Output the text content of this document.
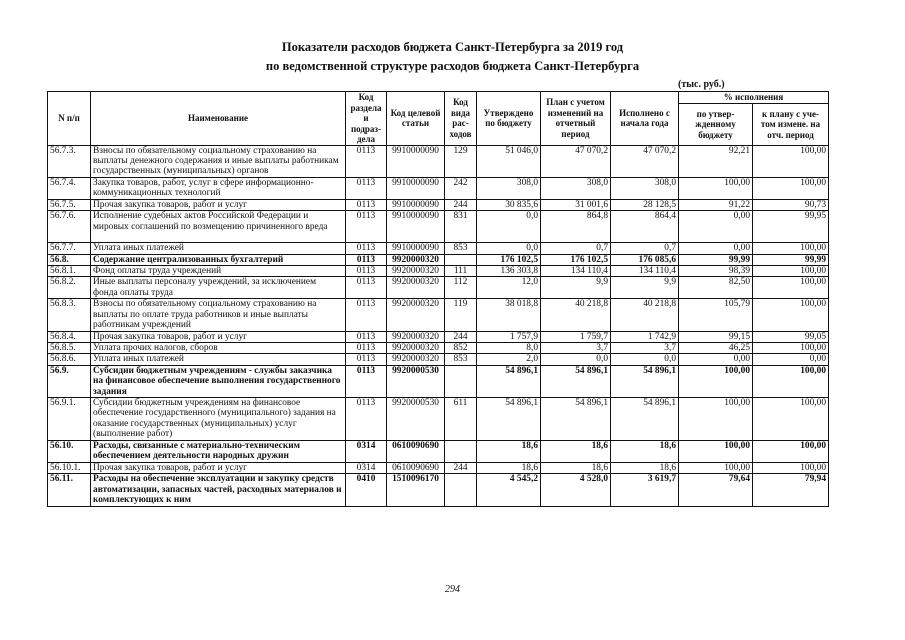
Показатели расходов бюджета Санкт-Петербурга за 2019 год
по ведомственной структуре расходов бюджета Санкт-Петербурга
(тыс. руб.)
N п/п	Наименование	Код раздела и подраз-дела	Код целевой статьи	Код вида рас-ходов	Утверждено по бюджету	План с учетом изменений на отчетный период	Исполнено с начала года	% исполнения	
								по утвер-жденному бюджету	к плану с уче-том измене. на отч. период
56.7.3.	Взносы по обязательному социальному страхованию на выплаты денежного содержания и иные выплаты работникам государственных (муниципальных) органов	0113	9910000090	129	51 046,0	47 070,2	47 070,2	92,21	100,00
56.7.4.	Закупка товаров, работ, услуг в сфере информационно-коммуникационных технологий	0113	9910000090	242	308,0	308,0	308,0	100,00	100,00
56.7.5.	Прочая закупка товаров, работ и услуг	0113	9910000090	244	30 835,6	31 001,6	28 128,5	91,22	90,73
56.7.6.	Исполнение судебных актов Российской Федерации и мировых соглашений по возмещению причиненного вреда	0113	9910000090	831	0,0	864,8	864,4	0,00	99,95
56.7.7.	Уплата иных платежей	0113	9910000090	853	0,0	0,7	0,7	0,00	100,00
56.8.	Содержание централизованных бухгалтерий	0113	9920000320		176 102,5	176 102,5	176 085,6	99,99	99,99
56.8.1.	Фонд оплаты труда учреждений	0113	9920000320	111	136 303,8	134 110,4	134 110,4	98,39	100,00
56.8.2.	Иные выплаты персоналу учреждений, за исключением фонда оплаты труда	0113	9920000320	112	12,0	9,9	9,9	82,50	100,00
56.8.3.	Взносы по обязательному социальному страхованию на выплаты по оплате труда работников и иные выплаты работникам учреждений	0113	9920000320	119	38 018,8	40 218,8	40 218,8	105,79	100,00
56.8.4.	Прочая закупка товаров, работ и услуг	0113	9920000320	244	1 757,9	1 759,7	1 742,9	99,15	99,05
56.8.5.	Уплата прочих налогов, сборов	0113	9920000320	852	8,0	3,7	3,7	46,25	100,00
56.8.6.	Уплата иных платежей	0113	9920000320	853	2,0	0,0	0,0	0,00	0,00
56.9.	Субсидии бюджетным учреждениям - службы заказчика на финансовое обеспечение выполнения государственного задания	0113	9920000530		54 896,1	54 896,1	54 896,1	100,00	100,00
56.9.1.	Субсидии бюджетным учреждениям на финансовое обеспечение государственного (муниципального) задания на оказание государственных (муниципальных) услуг (выполнение работ)	0113	9920000530	611	54 896,1	54 896,1	54 896,1	100,00	100,00
56.10.	Расходы, связанные с материально-техническим обеспечением деятельности народных дружин	0314	0610090690		18,6	18,6	18,6	100,00	100,00
56.10.1.	Прочая закупка товаров, работ и услуг	0314	0610090690	244	18,6	18,6	18,6	100,00	100,00
56.11.	Расходы на обеспечение эксплуатации и закупку средств автоматизации, запасных частей, расходных материалов и комплектующих к ним	0410	1510096170		4 545,2	4 528,0	3 619,7	79,64	79,94
294
